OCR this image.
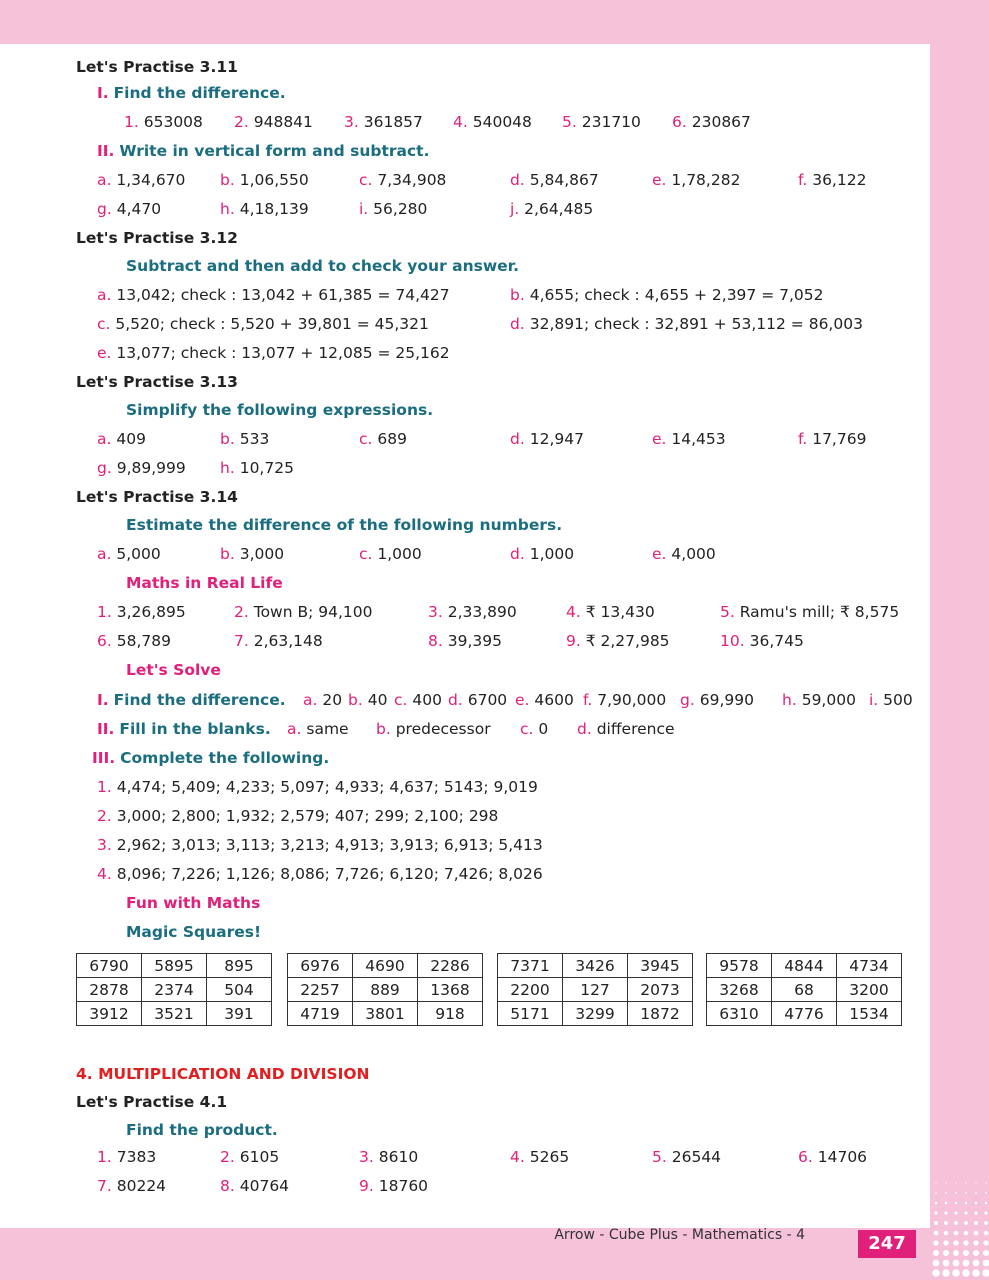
Let's Practise 3.11
I. Find the difference.
1. 653008 2. 948841 3. 361857 4. 540048 5. 231710 6. 230867
II. Write in vertical form and subtract.
a. 1,34,670 b. 1,06,550	c. 7,34,908	d. 5,84,867	e. 1,78,282	f. 36,122
g. 4,470	h. 4,18,139	i. 56,280	j. 2,64,485
Let's Practise 3.12
Subtract and then add to check your answer.
a. 13,042; check : 13,042 + 61,385 = 74,427	b. 4,655; check : 4,655 + 2,397 = 7,052
c. 5,520; check : 5,520 + 39,801 = 45,321	d. 32,891; check : 32,891 + 53,112 = 86,003
e. 13,077; check : 13,077 + 12,085 = 25,162
Let's Practise 3.13
Simplify the following expressions.
a. 409	b. 533	c. 689	d. 12,947	e. 14,453	f. 17,769
g. 9,89,999 h. 10,725
Let's Practise 3.14
Estimate the difference of the following numbers.
a. 5,000	b. 3,000	c. 1,000	d. 1,000	e. 4,000
Maths in Real Life
1. 3,26,895	2. Town B; 94,100	3. 2,33,890	4. ₹ 13,430	5. Ramu's mill; ₹ 8,575
6. 58,789	7. 2,63,148	8. 39,395	9. ₹ 2,27,985	10. 36,745
Let's Solve
I. Find the difference. a. 20 b. 40 c. 400 d. 6700 e. 4600 f. 7,90,000 g. 69,990 h. 59,000 i. 500
II. Fill in the blanks. a. same b. predecessor c. 0 d. difference
III. Complete the following.
1. 4,474; 5,409; 4,233; 5,097; 4,933; 4,637; 5143; 9,019
2. 3,000; 2,800; 1,932; 2,579; 407; 299; 2,100; 298
3. 2,962; 3,013; 3,113; 3,213; 4,913; 3,913; 6,913; 5,413
4. 8,096; 7,226; 1,126; 8,086; 7,726; 6,120; 7,426; 8,026
Fun with Maths
Magic Squares!
6790	5895	895
2878	2374	504
3912	3521	391
6976	4690	2286
2257	889	1368
4719	3801	918
7371	3426	3945
2200	127	2073
5171	3299	1872
9578	4844	4734
3268	68	3200
6310	4776	1534
4. MULTIPLICATION AND DIVISION
Let's Practise 4.1
Find the product.
1. 7383	2. 6105	3. 8610	4. 5265	5. 26544	6. 14706
7. 80224	8. 40764	9. 18760
Arrow - Cube Plus - Mathematics - 4	247
